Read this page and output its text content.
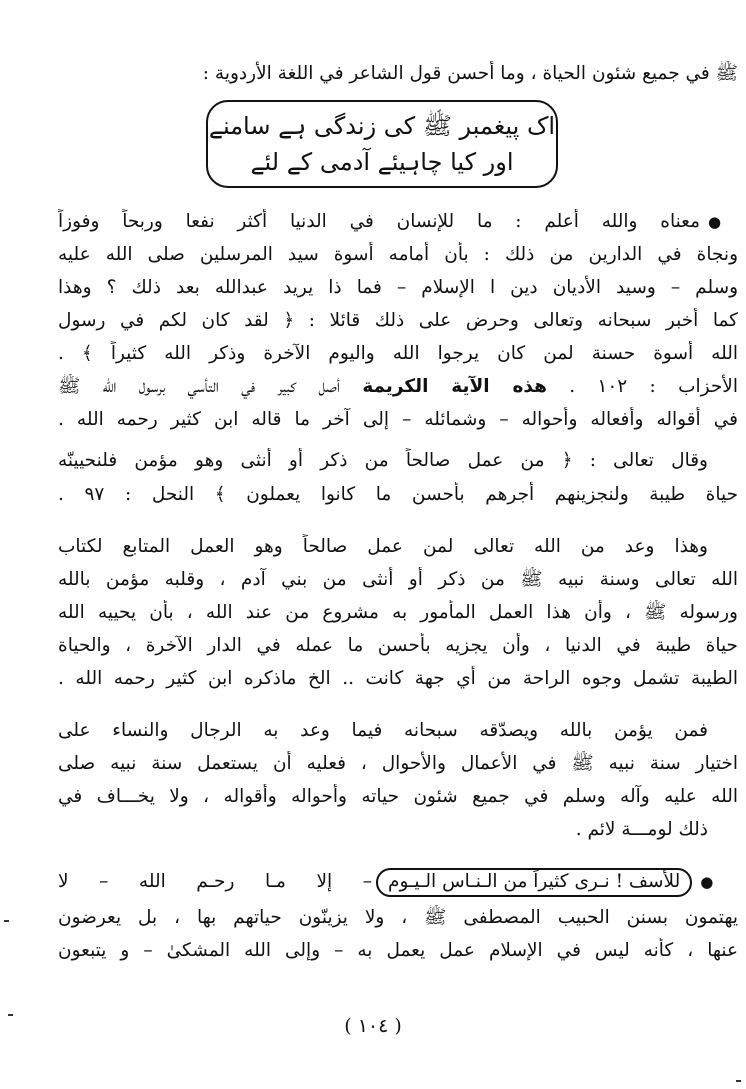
ﷺ في جميع شئون الحياة ، وما أحسن قول الشاعر في اللغة الأردوية :
اک پیغمبر ﷺ کی زندگی ہے سامنے
اور کیا چاہیئے آدمی کے لئے
● معناه والله أعلم : ما للإنسان في الدنيا أكثر نفعا وربحاً وفوزاً
ونجاة في الدارين من ذلك : بأن أمامه أسوة سيد المرسلين صلى الله عليه
وسلم – وسيد الأديان دين ا الإسلام – فما ذا يريد عبدالله بعد ذلك ؟ وهذا
كما أخبر سبحانه وتعالى وحرض على ذلك قائلا : ﴿ لقد كان لكم في رسول
الله أسوة حسنة لمن كان يرجوا الله واليوم الآخرة وذكر الله كثيراً ﴾ .
الأحزاب : ١٠٢ . هذه الآية الكريمة أصل كبير في التأسي برسول الله ﷺ
في أقواله وأفعاله وأحواله – وشمائله – إلى آخر ما قاله ابن كثير رحمه الله .
وقال تعالى : ﴿ من عمل صالحاً من ذكر أو أنثى وهو مؤمن فلنحيينّه
حياة طيبة ولنجزينهم أجرهم بأحسن ما كانوا يعملون ﴾ النحل : ٩٧ .
وهذا وعد من الله تعالى لمن عمل صالحاً وهو العمل المتابع لكتاب
الله تعالى وسنة نبيه ﷺ من ذكر أو أنثى من بني آدم ، وقلبه مؤمن بالله
ورسوله ﷺ ، وأن هذا العمل المأمور به مشروع من عند الله ، بأن يحييه الله
حياة طيبة في الدنيا ، وأن يجزيه بأحسن ما عمله في الدار الآخرة ، والحياة
الطيبة تشمل وجوه الراحة من أي جهة كانت .. الخ ماذكره ابن كثير رحمه الله .
فمن يؤمن بالله ويصدّقه سبحانه فيما وعد به الرجال والنساء على
اختيار سنة نبيه ﷺ في الأعمال والأحوال ، فعليه أن يستعمل سنة نبيه صلى
الله عليه وآله وسلم في جميع شئون حياته وأحواله وأقواله ، ولا يخـــاف في
ذلك لومـــة لائم .
● للأسف ! نـرى كثيراً من الـنـاس الـيـوم– إلا مـا رحـم الله – لا
يهتمون بسنن الحبيب المصطفى ﷺ ، ولا يزينّون حياتهم بها ، بل يعرضون
عنها ، كأنه ليس في الإسلام عمل يعمل به – وإلى الله المشكىٰ – و يتبعون
( ١٠٤ )
